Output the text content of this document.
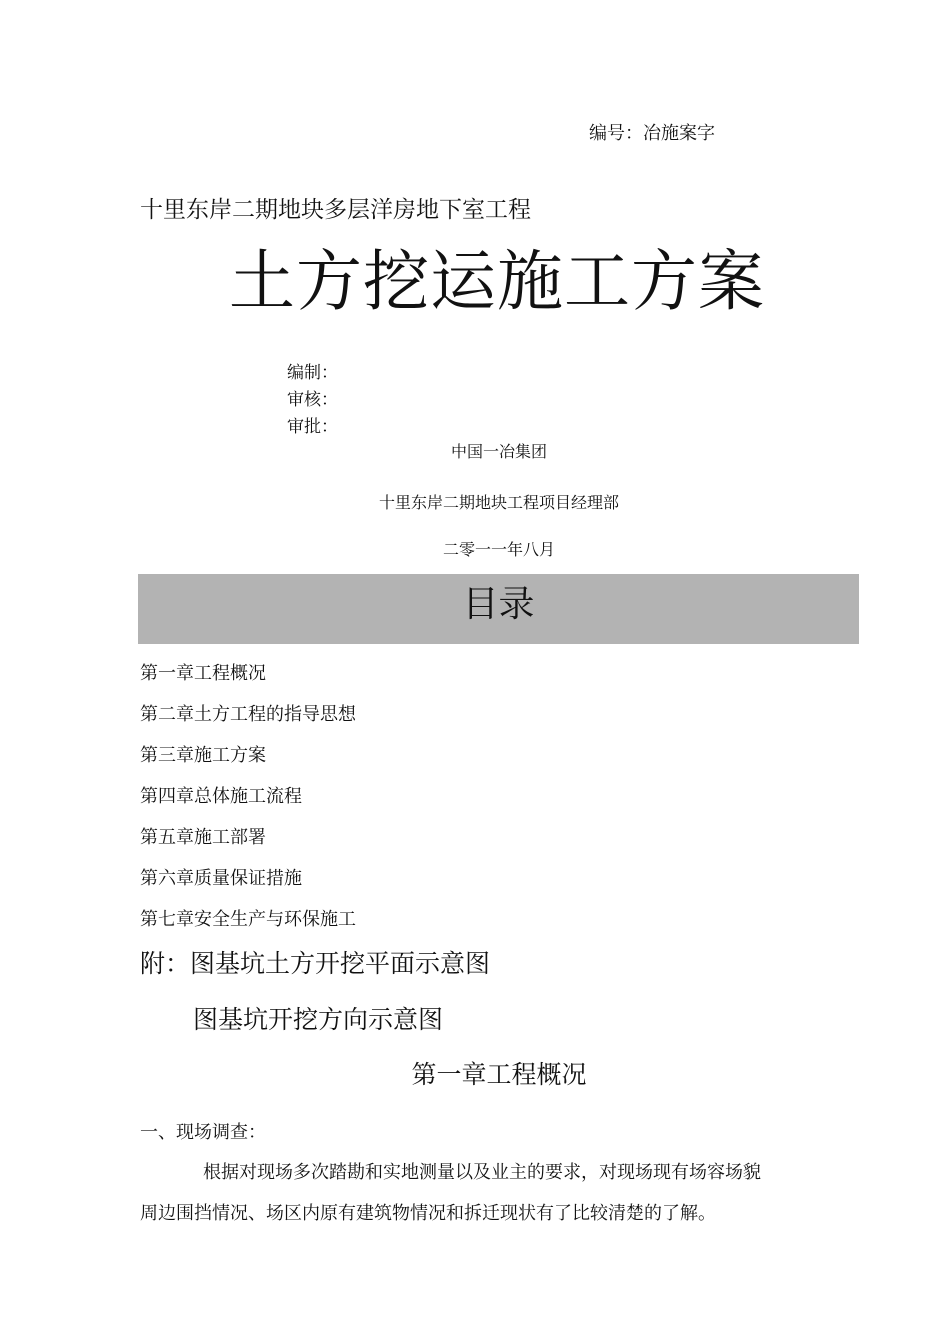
编号：冶施案字
十里东岸二期地块多层洋房地下室工程
土方挖运施工方案
编制：
审核：
审批：
中国一冶集团
十里东岸二期地块工程项目经理部
二零一一年八月
目录
第一章工程概况
第二章土方工程的指导思想
第三章施工方案
第四章总体施工流程
第五章施工部署
第六章质量保证措施
第七章安全生产与环保施工
附：图基坑土方开挖平面示意图
图基坑开挖方向示意图
第一章工程概况
一、现场调查：
根据对现场多次踏勘和实地测量以及业主的要求，对现场现有场容场貌
周边围挡情况、场区内原有建筑物情况和拆迁现状有了比较清楚的了解。
